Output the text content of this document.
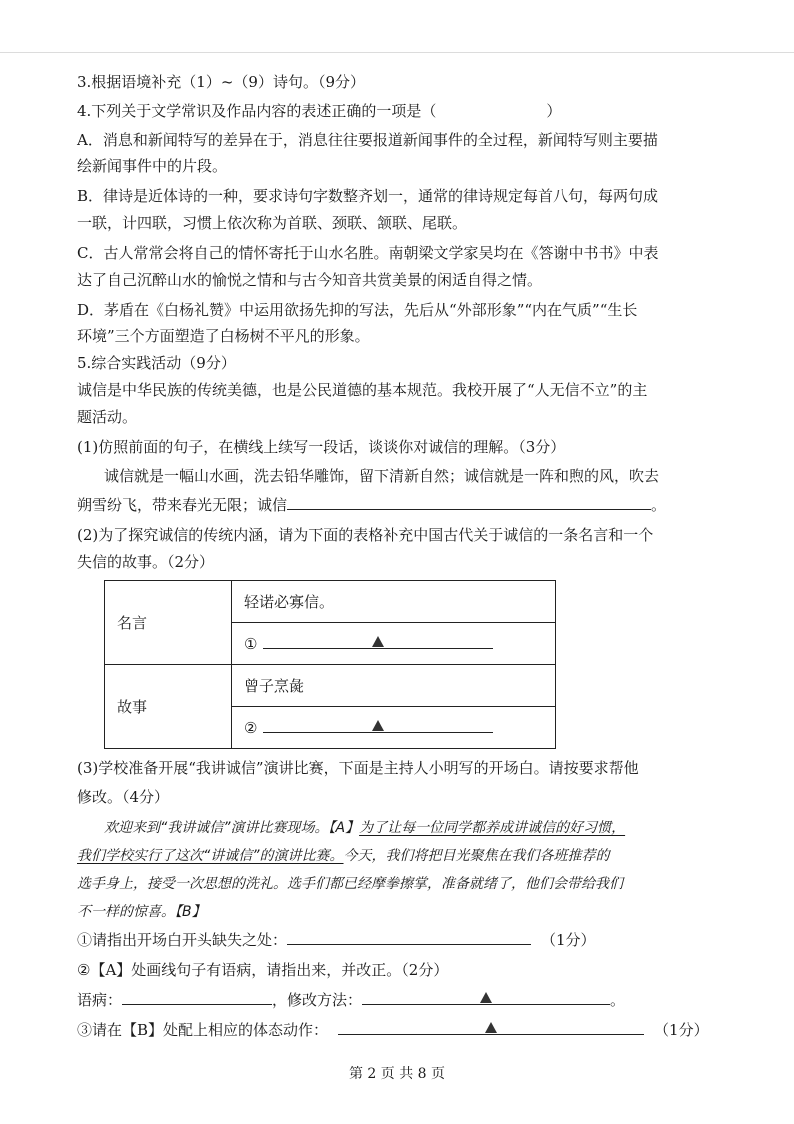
3.根据语境补充（1）~（9）诗句。（9分）
4.下列关于文学常识及作品内容的表述正确的一项是（	）
A．消息和新闻特写的差异在于，消息往往要报道新闻事件的全过程，新闻特写则主要描
绘新闻事件中的片段。
B．律诗是近体诗的一种，要求诗句字数整齐划一，通常的律诗规定每首八句，每两句成
一联，计四联，习惯上依次称为首联、颈联、颔联、尾联。
C．古人常常会将自己的情怀寄托于山水名胜。南朝梁文学家吴均在《答谢中书书》中表
达了自己沉醉山水的愉悦之情和与古今知音共赏美景的闲适自得之情。
D．茅盾在《白杨礼赞》中运用欲扬先抑的写法，先后从“外部形象”“内在气质”“生长
环境”三个方面塑造了白杨树不平凡的形象。
5.综合实践活动（9分）
诚信是中华民族的传统美德，也是公民道德的基本规范。我校开展了“人无信不立”的主
题活动。
(1)仿照前面的句子，在横线上续写一段话，谈谈你对诚信的理解。（3分）
诚信就是一幅山水画，洗去铅华雕饰，留下清新自然；诚信就是一阵和煦的风，吹去
朔雪纷飞，带来春光无限；诚信	。
(2)为了探究诚信的传统内涵，请为下面的表格补充中国古代关于诚信的一条名言和一个
失信的故事。（2分）
名言	轻诺必寡信。
	①

故事	曾子烹彘
	②
(3)学校准备开展“我讲诚信”演讲比赛，下面是主持人小明写的开场白。请按要求帮他
修改。（4分）
欢迎来到“我讲诚信”演讲比赛现场。【A】为了让每一位同学都养成讲诚信的好习惯，
我们学校实行了这次“讲诚信”的演讲比赛。今天，我们将把目光聚焦在我们各班推荐的
选手身上，接受一次思想的洗礼。选手们都已经摩拳擦掌，准备就绪了，他们会带给我们
不一样的惊喜。【B】
①请指出开场白开头缺失之处：	（1分）
②【A】处画线句子有语病，请指出来，并改正。（2分）
语病：	，修改方法：	。
③请在【B】处配上相应的体态动作：	（1分）
第 2 页 共 8 页
